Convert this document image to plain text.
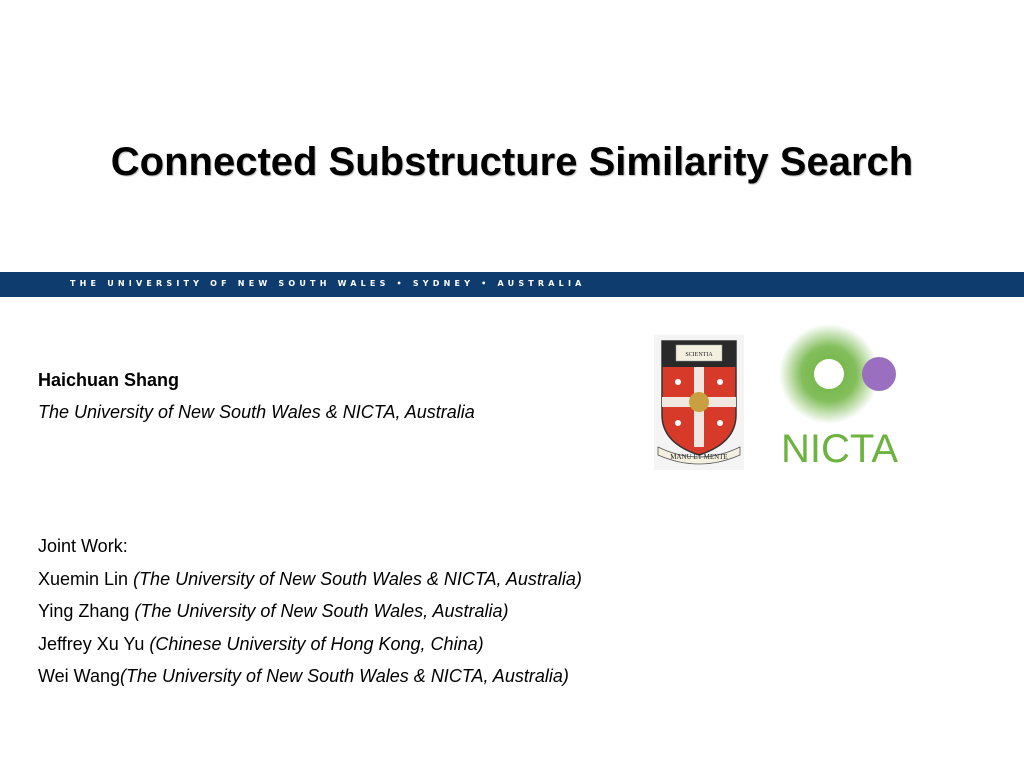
Connected Substructure Similarity Search
THE UNIVERSITY OF NEW SOUTH WALES • SYDNEY • AUSTRALIA
Haichuan Shang
The University of New South Wales & NICTA, Australia
SCIENTIA
MANU ET MENTE NICTA
Joint Work:
Xuemin Lin (The University of New South Wales & NICTA, Australia)
Ying Zhang (The University of New South Wales, Australia)
Jeffrey Xu Yu (Chinese University of Hong Kong, China)
Wei Wang(The University of New South Wales & NICTA, Australia)
